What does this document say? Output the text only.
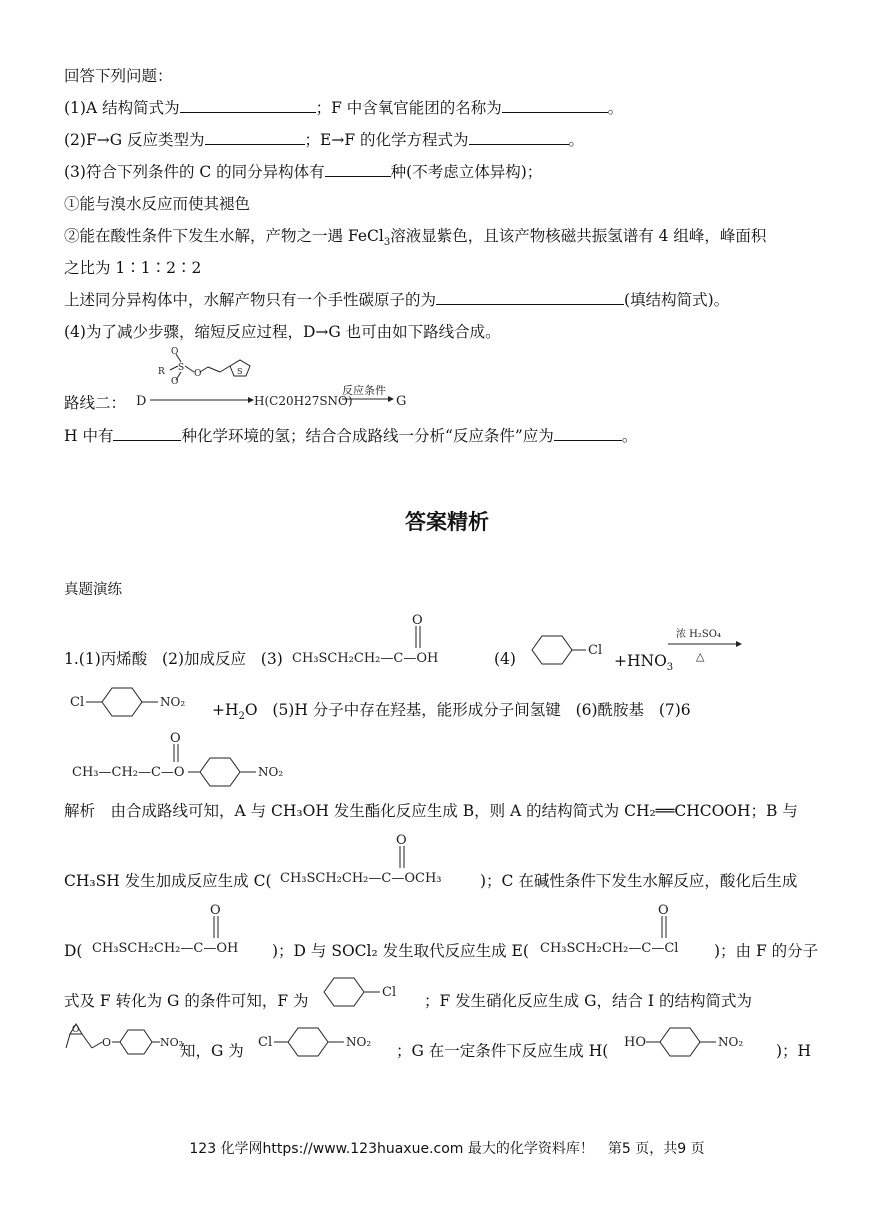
回答下列问题：
(1)A 结构简式为	；F 中含氧官能团的名称为	。
(2)F→G 反应类型为	；E→F 的化学方程式为	。
(3)符合下列条件的 C 的同分异构体有	种(不考虑立体异构)；
①能与溴水反应而使其褪色
②能在酸性条件下发生水解，产物之一遇 FeCl$_3$溶液显紫色，且该产物核磁共振氢谱有 4 组峰，峰面积
之比为 1∶1∶2∶2
上述同分异构体中，水解产物只有一个手性碳原子的为	(填结构简式)。
(4)为了减少步骤，缩短反应过程，D→G 也可由如下路线合成。
路线二： D
R S
O
O
O	S
H(C20H27SNO)
反应条件
G
H 中有	种化学环境的氢；结合合成路线一分析“反应条件”应为	。
答案精析
真题演练
1.(1)丙烯酸 (2)加成反应 (3) CH₃SCH₂CH₂—C—OH
O
(4)	Cl
$+HNO_3$
浓 H₂SO₄
△
Cl	$NO_2 +H_2O$ (5)H 分子中存在羟基，能形成分子间氢键 (6)酰胺基 (7)6
CH₃—CH₂—C—O
O
NO₂
解析　由合成路线可知，A 与 CH₃OH 发生酯化反应生成 B，则 A 的结构简式为 CH₂══CHCOOH；B 与
CH₃SH 发生加成反应生成 C( CH₃SCH₂CH₂—C—OCH₃
O
)；C 在碱性条件下发生水解反应，酸化后生成
D( CH₃SCH₂CH₂—C—OH
O
)；D 与 SOCl₂ 发生取代反应生成 E( CH₃SCH₂CH₂—C—Cl
O
)；由 F 的分子
式及 F 转化为 G 的条件可知，F 为	Cl ；F 发生硝化反应生成 G，结合 I 的结构简式为
O
O	NO₂
知，G 为 Cl	NO₂ ；G 在一定条件下反应生成 H( HO	NO₂ )；H
123 化学网https://www.123huaxue.com 最大的化学资料库！　第5 页，共9 页
